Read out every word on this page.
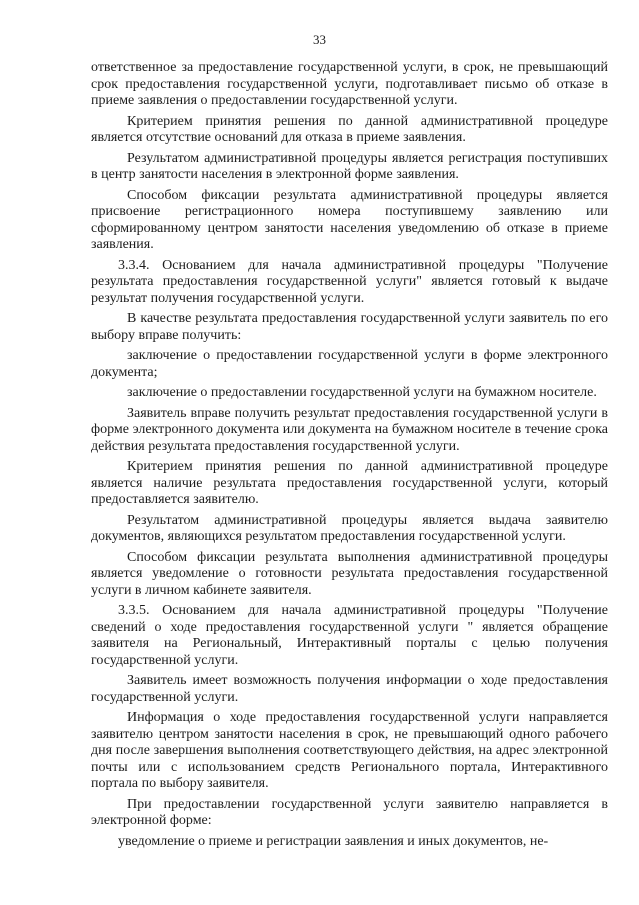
33

ответственное за предоставление государственной услуги, в срок, не превышающий срок предоставления государственной услуги, подготавливает письмо об отказе в приеме заявления о предоставлении государственной услуги.

Критерием принятия решения по данной административной процедуре является отсутствие оснований для отказа в приеме заявления.

Результатом административной процедуры является регистрация поступивших в центр занятости населения в электронной форме заявления.

Способом фиксации результата административной процедуры является присвоение регистрационного номера поступившему заявлению или сформированному центром занятости населения уведомлению об отказе в приеме заявления.

3.3.4. Основанием для начала административной процедуры "Получение результата предоставления государственной услуги" является готовый к выдаче результат получения государственной услуги.

В качестве результата предоставления государственной услуги заявитель по его выбору вправе получить:

заключение о предоставлении государственной услуги в форме электронного документа;

заключение о предоставлении государственной услуги на бумажном носителе.

Заявитель вправе получить результат предоставления государственной услуги в форме электронного документа или документа на бумажном носителе в течение срока действия результата предоставления государственной услуги.

Критерием принятия решения по данной административной процедуре является наличие результата предоставления государственной услуги, который предоставляется заявителю.

Результатом административной процедуры является выдача заявителю документов, являющихся результатом предоставления государственной услуги.

Способом фиксации результата выполнения административной процедуры является уведомление о готовности результата предоставления государственной услуги в личном кабинете заявителя.

3.3.5. Основанием для начала административной процедуры "Получение сведений о ходе предоставления государственной услуги " является обращение заявителя на Региональный, Интерактивный порталы с целью получения государственной услуги.

Заявитель имеет возможность получения информации о ходе предоставления государственной услуги.

Информация о ходе предоставления государственной услуги направляется заявителю центром занятости населения в срок, не превышающий одного рабочего дня после завершения выполнения соответствующего действия, на адрес электронной почты или с использованием средств Регионального портала, Интерактивного портала по выбору заявителя.

При предоставлении государственной услуги заявителю направляется в электронной форме:

уведомление о приеме и регистрации заявления и иных документов, не-
